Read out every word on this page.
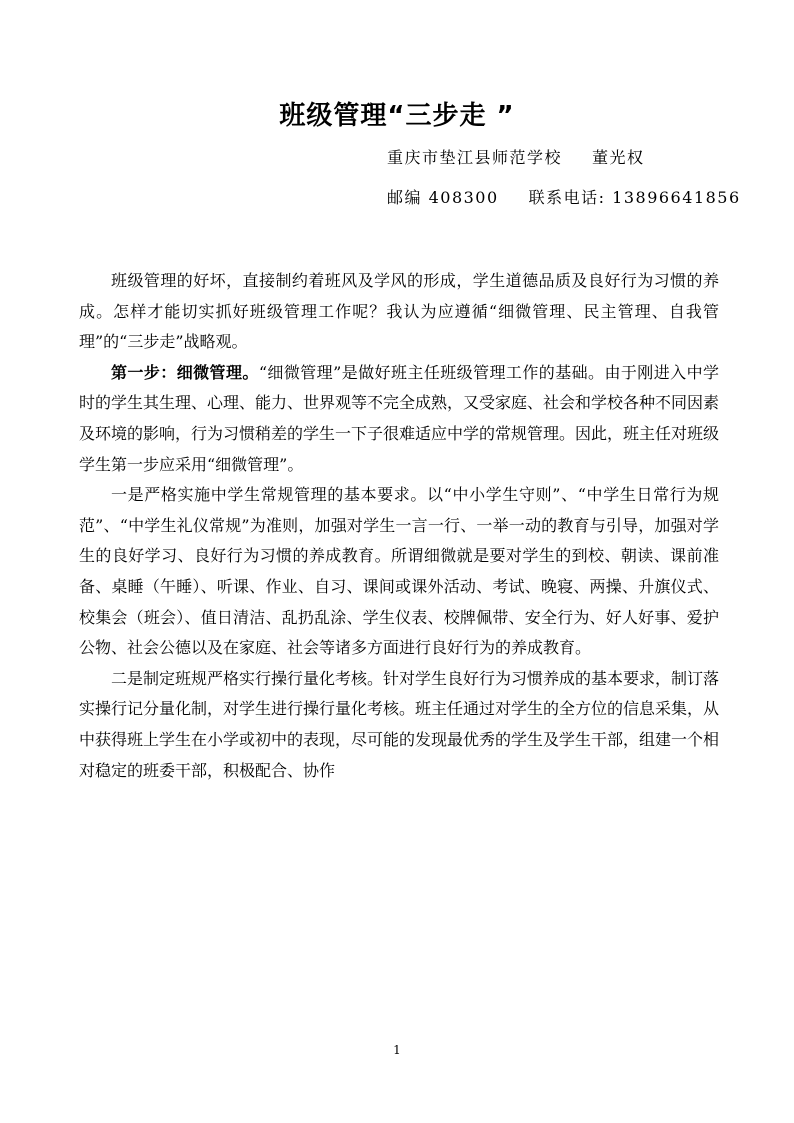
班级管理“三步走 ”

重庆市垫江县师范学校 董光权

邮编 408300 联系电话: 13896641856

班级管理的好坏，直接制约着班风及学风的形成，学生道德品质及良好行为习惯的养成。怎样才能切实抓好班级管理工作呢？我认为应遵循“细微管理、民主管理、自我管理”的“三步走”战略观。

第一步：细微管理。“细微管理”是做好班主任班级管理工作的基础。由于刚进入中学时的学生其生理、心理、能力、世界观等不完全成熟，又受家庭、社会和学校各种不同因素及环境的影响，行为习惯稍差的学生一下子很难适应中学的常规管理。因此，班主任对班级学生第一步应采用“细微管理”。

一是严格实施中学生常规管理的基本要求。以“中小学生守则”、“中学生日常行为规范”、“中学生礼仪常规”为准则，加强对学生一言一行、一举一动的教育与引导，加强对学生的良好学习、良好行为习惯的养成教育。所谓细微就是要对学生的到校、朝读、课前准备、桌睡（午睡）、听课、作业、自习、课间或课外活动、考试、晚寝、两操、升旗仪式、校集会（班会）、值日清洁、乱扔乱涂、学生仪表、校牌佩带、安全行为、好人好事、爱护公物、社会公德以及在家庭、社会等诸多方面进行良好行为的养成教育。

二是制定班规严格实行操行量化考核。针对学生良好行为习惯养成的基本要求，制订落实操行记分量化制，对学生进行操行量化考核。班主任通过对学生的全方位的信息采集，从中获得班上学生在小学或初中的表现，尽可能的发现最优秀的学生及学生干部，组建一个相对稳定的班委干部，积极配合、协作

1
